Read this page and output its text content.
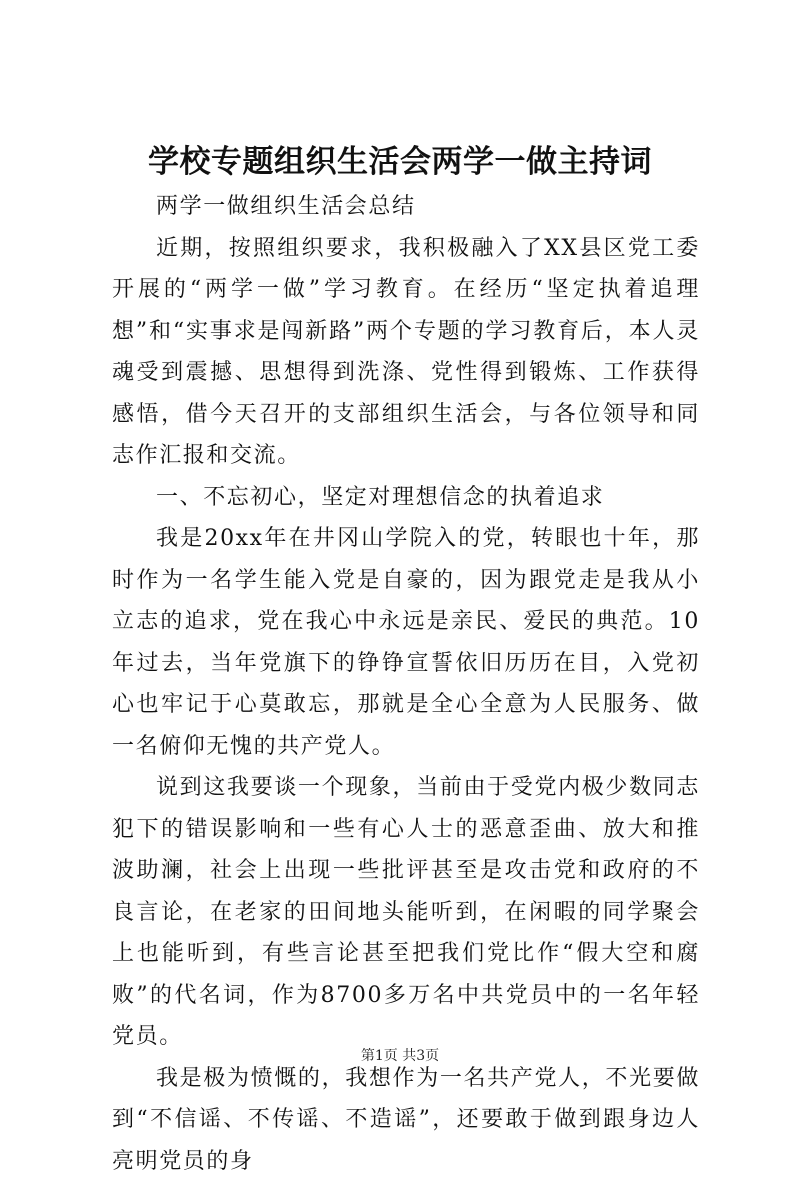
学校专题组织生活会两学一做主持词

两学一做组织生活会总结

近期，按照组织要求，我积极融入了XX县区党工委开展的“两学一做”学习教育。在经历“坚定执着追理想”和“实事求是闯新路”两个专题的学习教育后，本人灵魂受到震撼、思想得到洗涤、党性得到锻炼、工作获得感悟，借今天召开的支部组织生活会，与各位领导和同志作汇报和交流。

一、不忘初心，坚定对理想信念的执着追求

我是20xx年在井冈山学院入的党，转眼也十年，那时作为一名学生能入党是自豪的，因为跟党走是我从小立志的追求，党在我心中永远是亲民、爱民的典范。10年过去，当年党旗下的铮铮宣誓依旧历历在目，入党初心也牢记于心莫敢忘，那就是全心全意为人民服务、做一名俯仰无愧的共产党人。

说到这我要谈一个现象，当前由于受党内极少数同志犯下的错误影响和一些有心人士的恶意歪曲、放大和推波助澜，社会上出现一些批评甚至是攻击党和政府的不良言论，在老家的田间地头能听到，在闲暇的同学聚会上也能听到，有些言论甚至把我们党比作“假大空和腐败”的代名词，作为8700多万名中共党员中的一名年轻党员。

我是极为愤慨的，我想作为一名共产党人，不光要做到“不信谣、不传谣、不造谣”，还要敢于做到跟身边人亮明党员的身

第1页 共3页
